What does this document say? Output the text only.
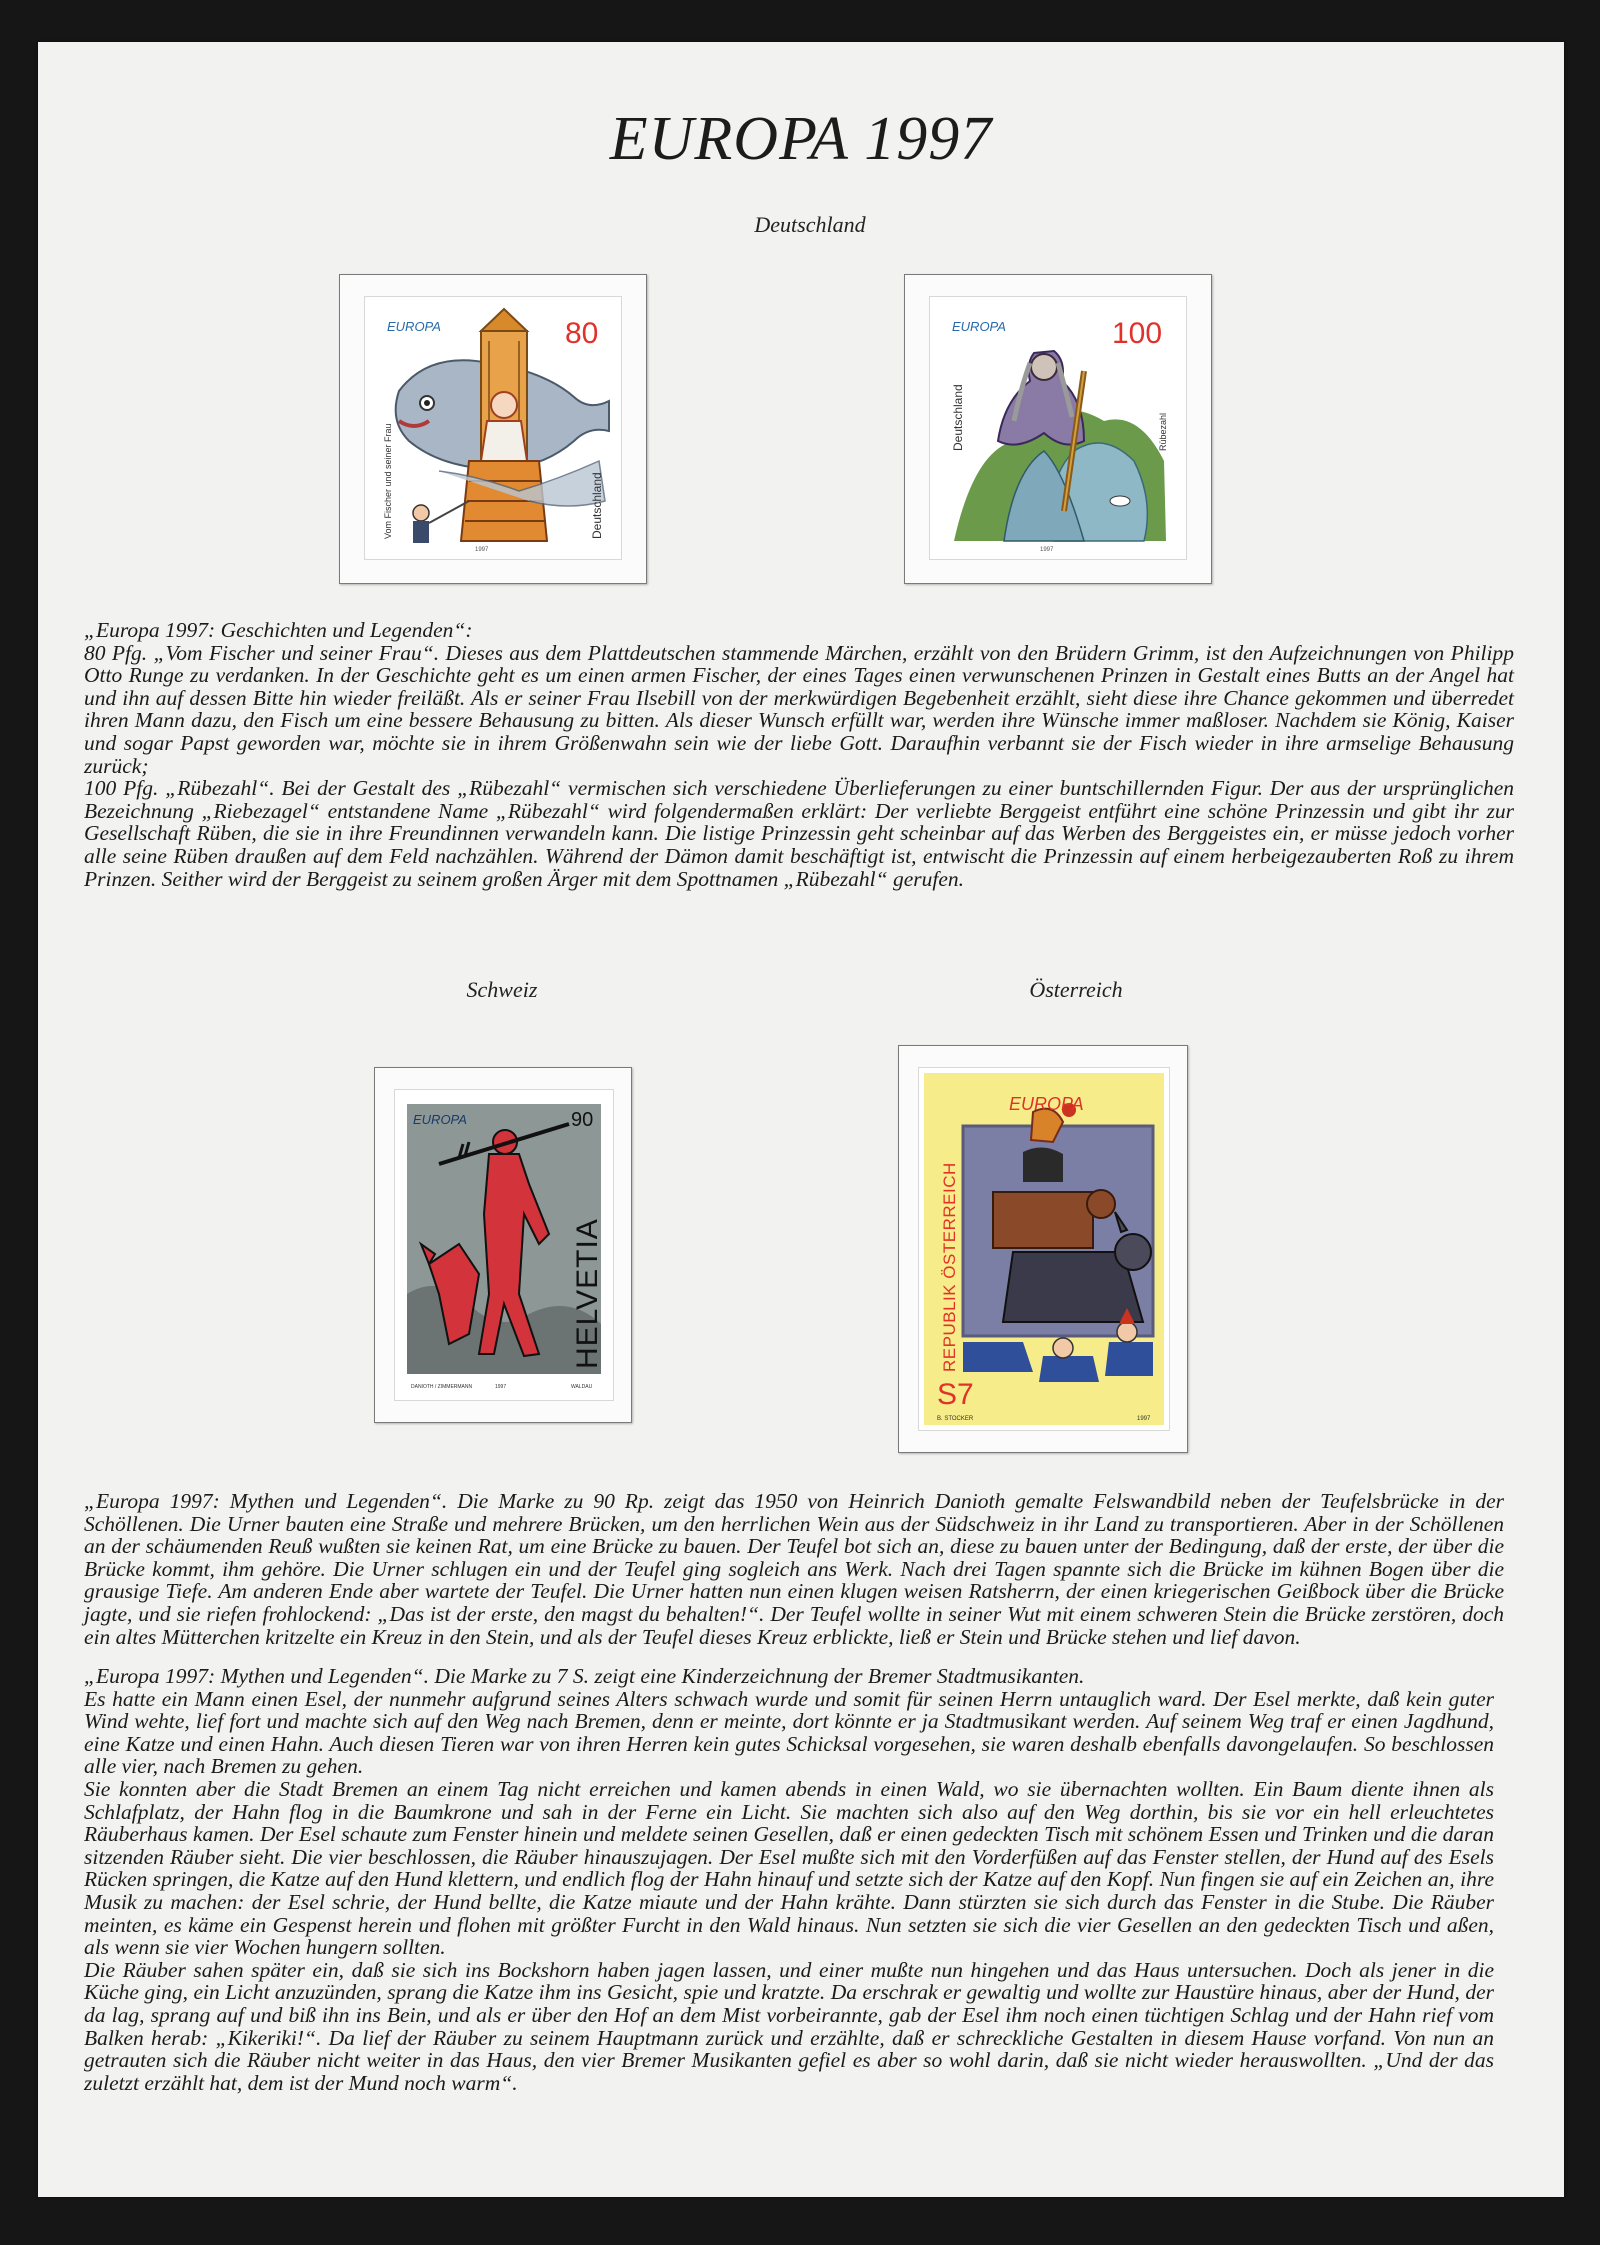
EUROPA 1997
Deutschland
EUROPA	80
Vom Fischer und seiner Frau	Deutschland
1997
EUROPA	100
Deutschland	Rübezahl
1997

„Europa 1997: Geschichten und Legenden“:

80 Pfg. „Vom Fischer und seiner Frau“. Dieses aus dem Plattdeutschen stammende Märchen, erzählt von den Brüdern Grimm, ist den Aufzeichnungen von Philipp Otto Runge zu verdanken. In der Geschichte geht es um einen armen Fischer, der eines Tages einen verwunschenen Prinzen in Gestalt eines Butts an der Angel hat und ihn auf dessen Bitte hin wieder freiläßt. Als er seiner Frau Ilsebill von der merkwürdigen Begebenheit erzählt, sieht diese ihre Chance gekommen und überredet ihren Mann dazu, den Fisch um eine bessere Behausung zu bitten. Als dieser Wunsch erfüllt war, werden ihre Wünsche immer maßloser. Nachdem sie König, Kaiser und sogar Papst geworden war, möchte sie in ihrem Größenwahn sein wie der liebe Gott. Daraufhin verbannt sie der Fisch wieder in ihre armselige Behausung zurück;

100 Pfg. „Rübezahl“. Bei der Gestalt des „Rübezahl“ vermischen sich verschiedene Überlieferungen zu einer buntschillernden Figur. Der aus der ursprünglichen Bezeichnung „Riebezagel“ entstandene Name „Rübezahl“ wird folgendermaßen erklärt: Der verliebte Berggeist entführt eine schöne Prinzessin und gibt ihr zur Gesellschaft Rüben, die sie in ihre Freundinnen verwandeln kann. Die listige Prinzessin geht scheinbar auf das Werben des Berggeistes ein, er müsse jedoch vorher alle seine Rüben draußen auf dem Feld nachzählen. Während der Dämon damit beschäftigt ist, entwischt die Prinzessin auf einem herbeigezauberten Roß zu ihrem Prinzen. Seither wird der Berggeist zu seinem großen Ärger mit dem Spottnamen „Rübezahl“ gerufen.

Schweiz	Österreich
EUROPA	90
HELVETIA
DANIOTH / ZIMMERMANN	1997	WALDAU
EUROPA
REPUBLIK ÖSTERREICH
S7
B. STOCKER	1997

„Europa 1997: Mythen und Legenden“. Die Marke zu 90 Rp. zeigt das 1950 von Heinrich Danioth gemalte Felswandbild neben der Teufelsbrücke in der Schöllenen. Die Urner bauten eine Straße und mehrere Brücken, um den herrlichen Wein aus der Südschweiz in ihr Land zu transportieren. Aber in der Schöllenen an der schäumenden Reuß wußten sie keinen Rat, um eine Brücke zu bauen. Der Teufel bot sich an, diese zu bauen unter der Bedingung, daß der erste, der über die Brücke kommt, ihm gehöre. Die Urner schlugen ein und der Teufel ging sogleich ans Werk. Nach drei Tagen spannte sich die Brücke im kühnen Bogen über die grausige Tiefe. Am anderen Ende aber wartete der Teufel. Die Urner hatten nun einen klugen weisen Ratsherrn, der einen kriegerischen Geißbock über die Brücke jagte, und sie riefen frohlockend: „Das ist der erste, den magst du behalten!“. Der Teufel wollte in seiner Wut mit einem schweren Stein die Brücke zerstören, doch ein altes Mütterchen kritzelte ein Kreuz in den Stein, und als der Teufel dieses Kreuz erblickte, ließ er Stein und Brücke stehen und lief davon.

„Europa 1997: Mythen und Legenden“. Die Marke zu 7 S. zeigt eine Kinderzeichnung der Bremer Stadtmusikanten.

Es hatte ein Mann einen Esel, der nunmehr aufgrund seines Alters schwach wurde und somit für seinen Herrn untauglich ward. Der Esel merkte, daß kein guter Wind wehte, lief fort und machte sich auf den Weg nach Bremen, denn er meinte, dort könnte er ja Stadtmusikant werden. Auf seinem Weg traf er einen Jagdhund, eine Katze und einen Hahn. Auch diesen Tieren war von ihren Herren kein gutes Schicksal vorgesehen, sie waren deshalb ebenfalls davongelaufen. So beschlossen alle vier, nach Bremen zu gehen.

Sie konnten aber die Stadt Bremen an einem Tag nicht erreichen und kamen abends in einen Wald, wo sie übernachten wollten. Ein Baum diente ihnen als Schlafplatz, der Hahn flog in die Baumkrone und sah in der Ferne ein Licht. Sie machten sich also auf den Weg dorthin, bis sie vor ein hell erleuchtetes Räuberhaus kamen. Der Esel schaute zum Fenster hinein und meldete seinen Gesellen, daß er einen gedeckten Tisch mit schönem Essen und Trinken und die daran sitzenden Räuber sieht. Die vier beschlossen, die Räuber hinauszujagen. Der Esel mußte sich mit den Vorderfüßen auf das Fenster stellen, der Hund auf des Esels Rücken springen, die Katze auf den Hund klettern, und endlich flog der Hahn hinauf und setzte sich der Katze auf den Kopf. Nun fingen sie auf ein Zeichen an, ihre Musik zu machen: der Esel schrie, der Hund bellte, die Katze miaute und der Hahn krähte. Dann stürzten sie sich durch das Fenster in die Stube. Die Räuber meinten, es käme ein Gespenst herein und flohen mit größter Furcht in den Wald hinaus. Nun setzten sie sich die vier Gesellen an den gedeckten Tisch und aßen, als wenn sie vier Wochen hungern sollten.

Die Räuber sahen später ein, daß sie sich ins Bockshorn haben jagen lassen, und einer mußte nun hingehen und das Haus untersuchen. Doch als jener in die Küche ging, ein Licht anzuzünden, sprang die Katze ihm ins Gesicht, spie und kratzte. Da erschrak er gewaltig und wollte zur Haustüre hinaus, aber der Hund, der da lag, sprang auf und biß ihn ins Bein, und als er über den Hof an dem Mist vorbeirannte, gab der Esel ihm noch einen tüchtigen Schlag und der Hahn rief vom Balken herab: „Kikeriki!“. Da lief der Räuber zu seinem Hauptmann zurück und erzählte, daß er schreckliche Gestalten in diesem Hause vorfand. Von nun an getrauten sich die Räuber nicht weiter in das Haus, den vier Bremer Musikanten gefiel es aber so wohl darin, daß sie nicht wieder herauswollten. „Und der das zuletzt erzählt hat, dem ist der Mund noch warm“.
